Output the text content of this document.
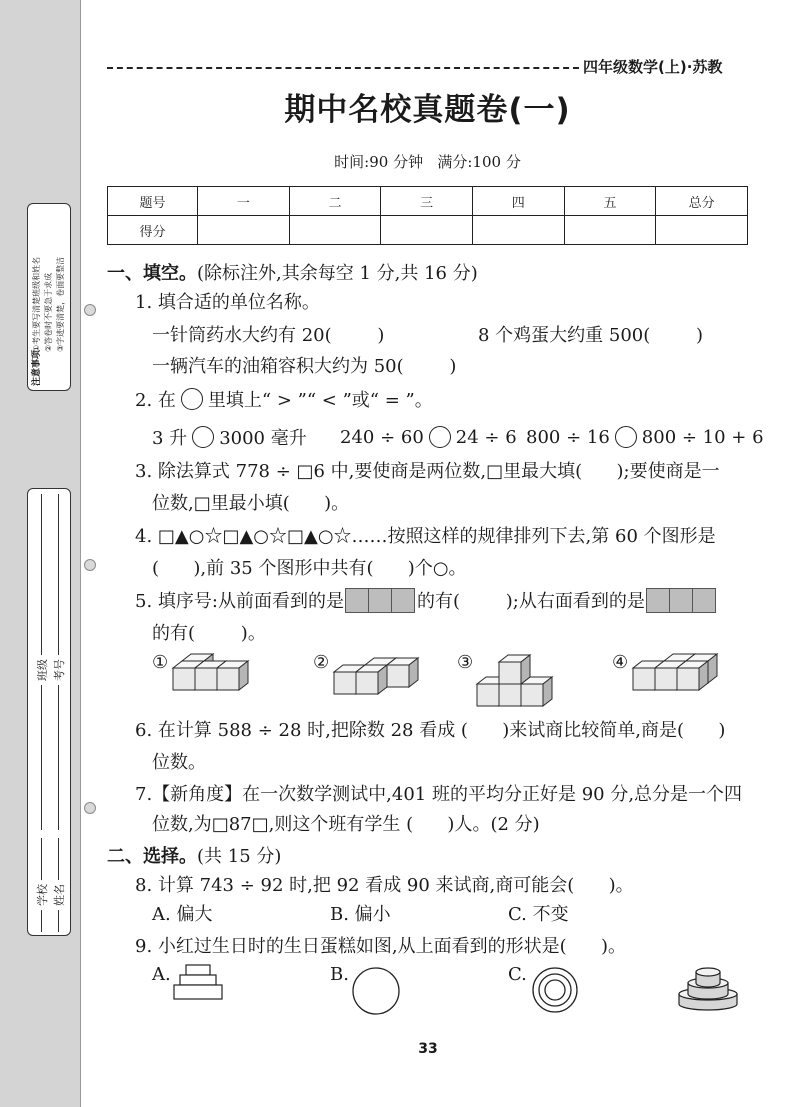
注意事项
①考生要写清楚班级和姓名 ②答卷时不要急于求成 ③字迹要清楚，卷面要整洁
班级 考号
学校 姓名
四年级数学(上)·苏教
期中名校真题卷(一)
时间:90 分钟   满分:100 分
题号	一	二	三	四	五	总分
得分						
一、填空。 (除标注外,其余每空 1 分,共 16 分)
1. 填合适的单位名称。
一针筒药水大约有 20(        )	8 个鸡蛋大约重 500(        )
一辆汽车的油箱容积大约为 50(        )
2. 在 里填上“ > ”“ < ”或“ = ”。
3 升 3000 毫升 240 ÷ 60 24 ÷ 6 800 ÷ 16 800 ÷ 10 + 6
3. 除法算式 778 ÷ □6 中,要使商是两位数,□里最大填(      );要使商是一
位数,□里最小填(      )。
4. □▲○☆□▲○☆□▲○☆……按照这样的规律排列下去,第 60 个图形是
(      ),前 35 个图形中共有(      )个○。
5. 填序号:从前面看到的是	的有(        );从右面看到的是
的有(        )。
①	②	③	④
6. 在计算 588 ÷ 28 时,把除数 28 看成 (      )来试商比较简单,商是(      )
位数。
7.【新角度】在一次数学测试中,401 班的平均分正好是 90 分,总分是一个四
位数,为□87□,则这个班有学生 (      )人。(2 分)
二、选择。 (共 15 分)
8. 计算 743 ÷ 92 时,把 92 看成 90 来试商,商可能会(      )。
A. 偏大	B. 偏小	C. 不变
9. 小红过生日时的生日蛋糕如图,从上面看到的形状是(      )。
A.	B.	C.
33
